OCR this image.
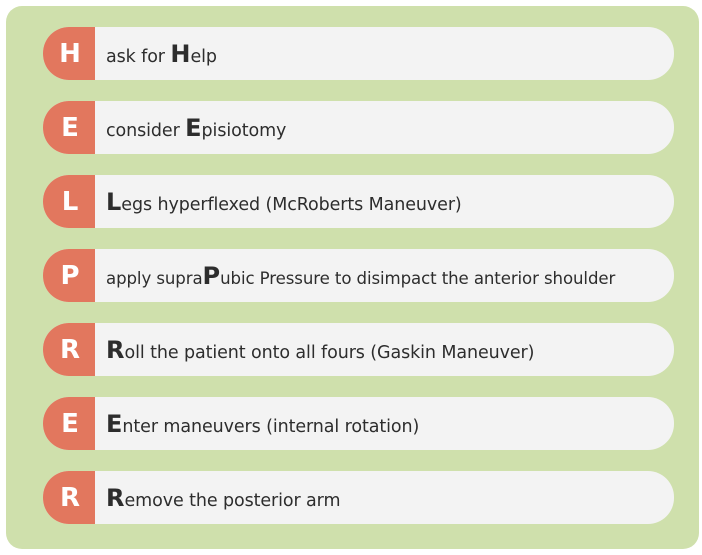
H	ask for Help
E	consider Episiotomy
L	Legs hyperflexed (McRoberts Maneuver)
P	apply supraPubic Pressure to disimpact the anterior shoulder
R	Roll the patient onto all fours (Gaskin Maneuver)
E	Enter maneuvers (internal rotation)
R	Remove the posterior arm
